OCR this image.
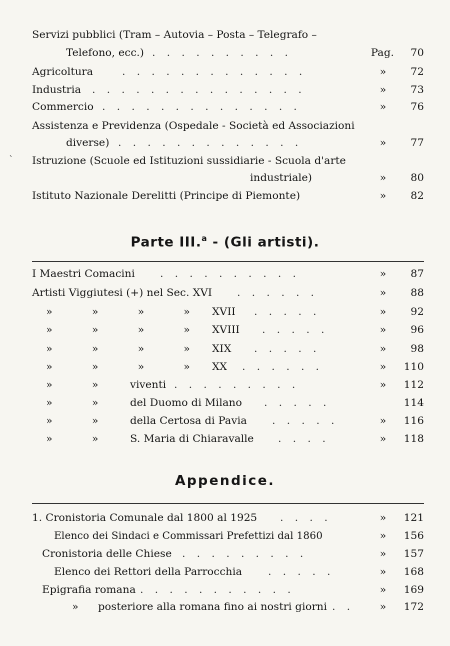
Servizi pubblici (Tram – Autovia – Posta – Telegrafo –
Telefono, ecc.) . . . . . . . . . .	Pag.	70
Agricoltura	. . . . . . . . . . . . .	»	72
Industria . . . . . . . . . . . . . . .	»	73
Commercio . . . . . . . . . . . . . .	»	76
Assistenza e Previdenza (Ospedale - Società ed Associazioni
diverse) . . . . . . . . . . . . .	»	77
Istruzione (Scuole ed Istituzioni sussidiarie - Scuola d'arte
industriale)	»	80
Istituto Nazionale Derelitti (Principe di Piemonte)	»	82
`
Parte III.$^a$ - (Gli artisti).
I Maestri Comacini . . . . . . . . . .	»	87
Artisti Viggiutesi (+) nel Sec. XVI . . . . . .	»	88
» » » » XVII . . . . .	»	92
» » » » XVIII . . . . .	»	96
» » » » XIX . . . . .	»	98
» » » » XX . . . . . .	»	110
» »	viventi . . . . . . . . .	»	112
» »	del Duomo di Milano . . . . .	114
» »	della Certosa di Pavia . . . . .	»	116
» »	S. Maria di Chiaravalle . . . .	»	118
Appendice.
1. Cronistoria Comunale dal 1800 al 1925 . . . .	»	121
Elenco dei Sindaci e Commissari Prefettizi dal 1860	»	156
Cronistoria delle Chiese . . . . . . . . .	»	157
Elenco dei Rettori della Parrocchia . . . . .	»	168
Epigrafia romana . . . . . . . . . . .	»	169
» posteriore alla romana fino ai nostri giorni . .	»	172
